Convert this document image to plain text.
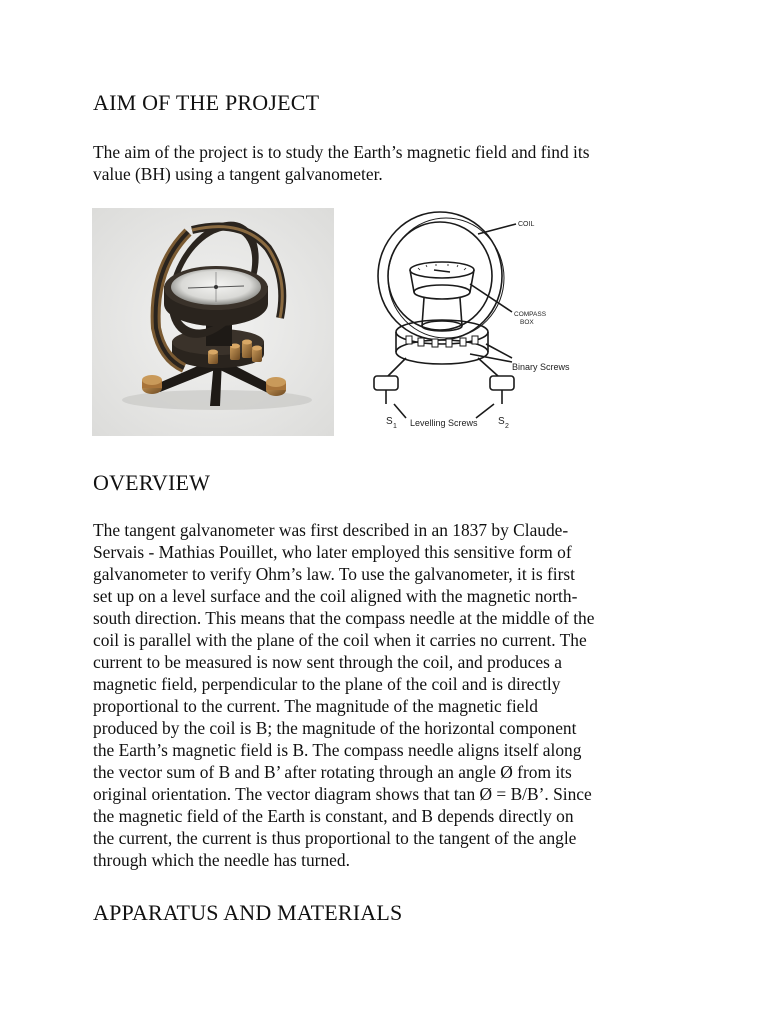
AIM OF THE PROJECT

The aim of the project is to study the Earth’s magnetic field and find its
value (BH) using a tangent galvanometer.

COIL
COMPASS
BOX
Binary Screws
Levelling Screws
S 1	S 2
OVERVIEW

The tangent galvanometer was first described in an 1837 by Claude-
Servais - Mathias Pouillet, who later employed this sensitive form of
galvanometer to verify Ohm’s law. To use the galvanometer, it is first
set up on a level surface and the coil aligned with the magnetic north-
south direction. This means that the compass needle at the middle of the
coil is parallel with the plane of the coil when it carries no current. The
current to be measured is now sent through the coil, and produces a
magnetic field, perpendicular to the plane of the coil and is directly
proportional to the current. The magnitude of the magnetic field
produced by the coil is B; the magnitude of the horizontal component
the Earth’s magnetic field is B. The compass needle aligns itself along
the vector sum of B and B’ after rotating through an angle Ø from its
original orientation. The vector diagram shows that tan Ø = B/B’. Since
the magnetic field of the Earth is constant, and B depends directly on
the current, the current is thus proportional to the tangent of the angle
through which the needle has turned.

APPARATUS AND MATERIALS
